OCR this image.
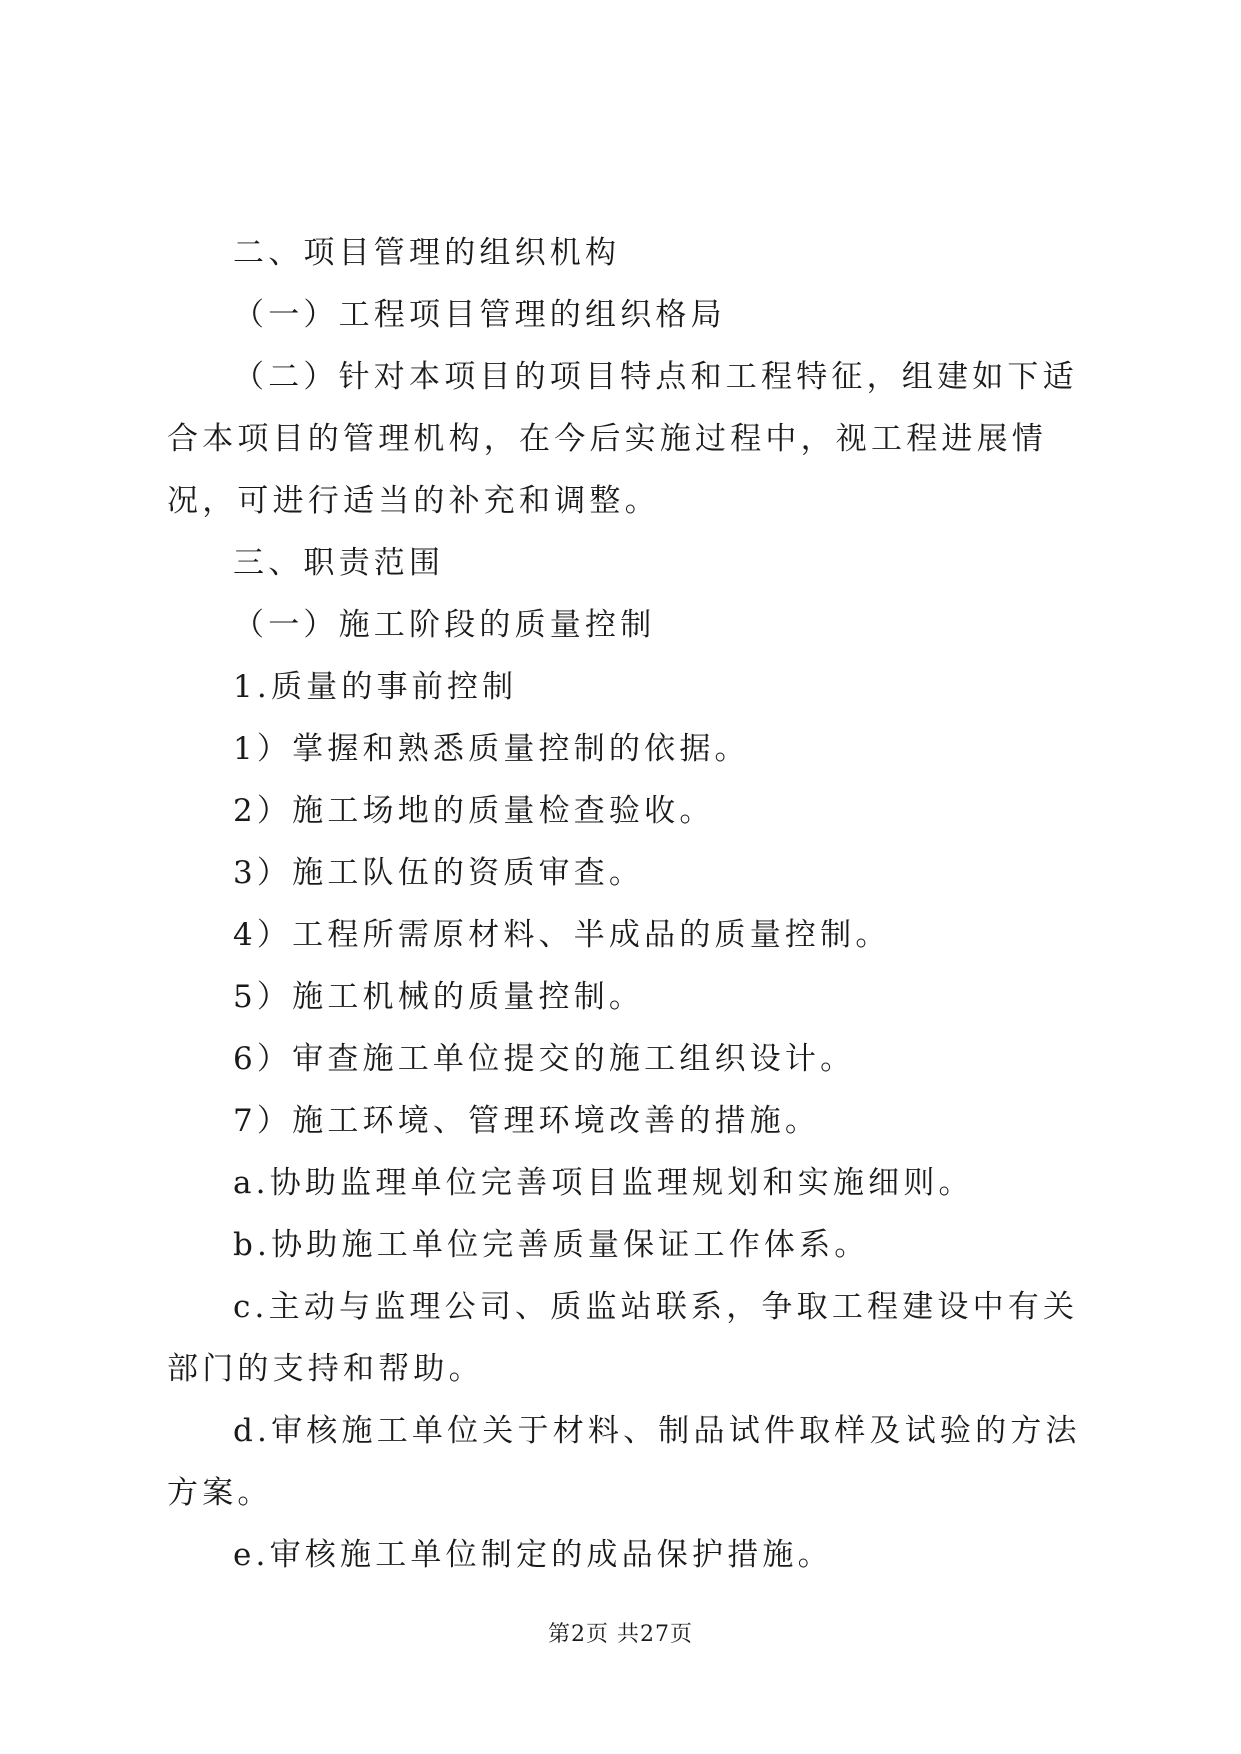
二、项目管理的组织机构

（一）工程项目管理的组织格局

（二）针对本项目的项目特点和工程特征，组建如下适合本项目的管理机构，在今后实施过程中，视工程进展情况，可进行适当的补充和调整。

三、职责范围

（一）施工阶段的质量控制

1.质量的事前控制

1）掌握和熟悉质量控制的依据。

2）施工场地的质量检查验收。

3）施工队伍的资质审查。

4）工程所需原材料、半成品的质量控制。

5）施工机械的质量控制。

6）审查施工单位提交的施工组织设计。

7）施工环境、管理环境改善的措施。

a.协助监理单位完善项目监理规划和实施细则。

b.协助施工单位完善质量保证工作体系。

c.主动与监理公司、质监站联系，争取工程建设中有关部门的支持和帮助。

d.审核施工单位关于材料、制品试件取样及试验的方法方案。

e.审核施工单位制定的成品保护措施。

第2页 共27页
